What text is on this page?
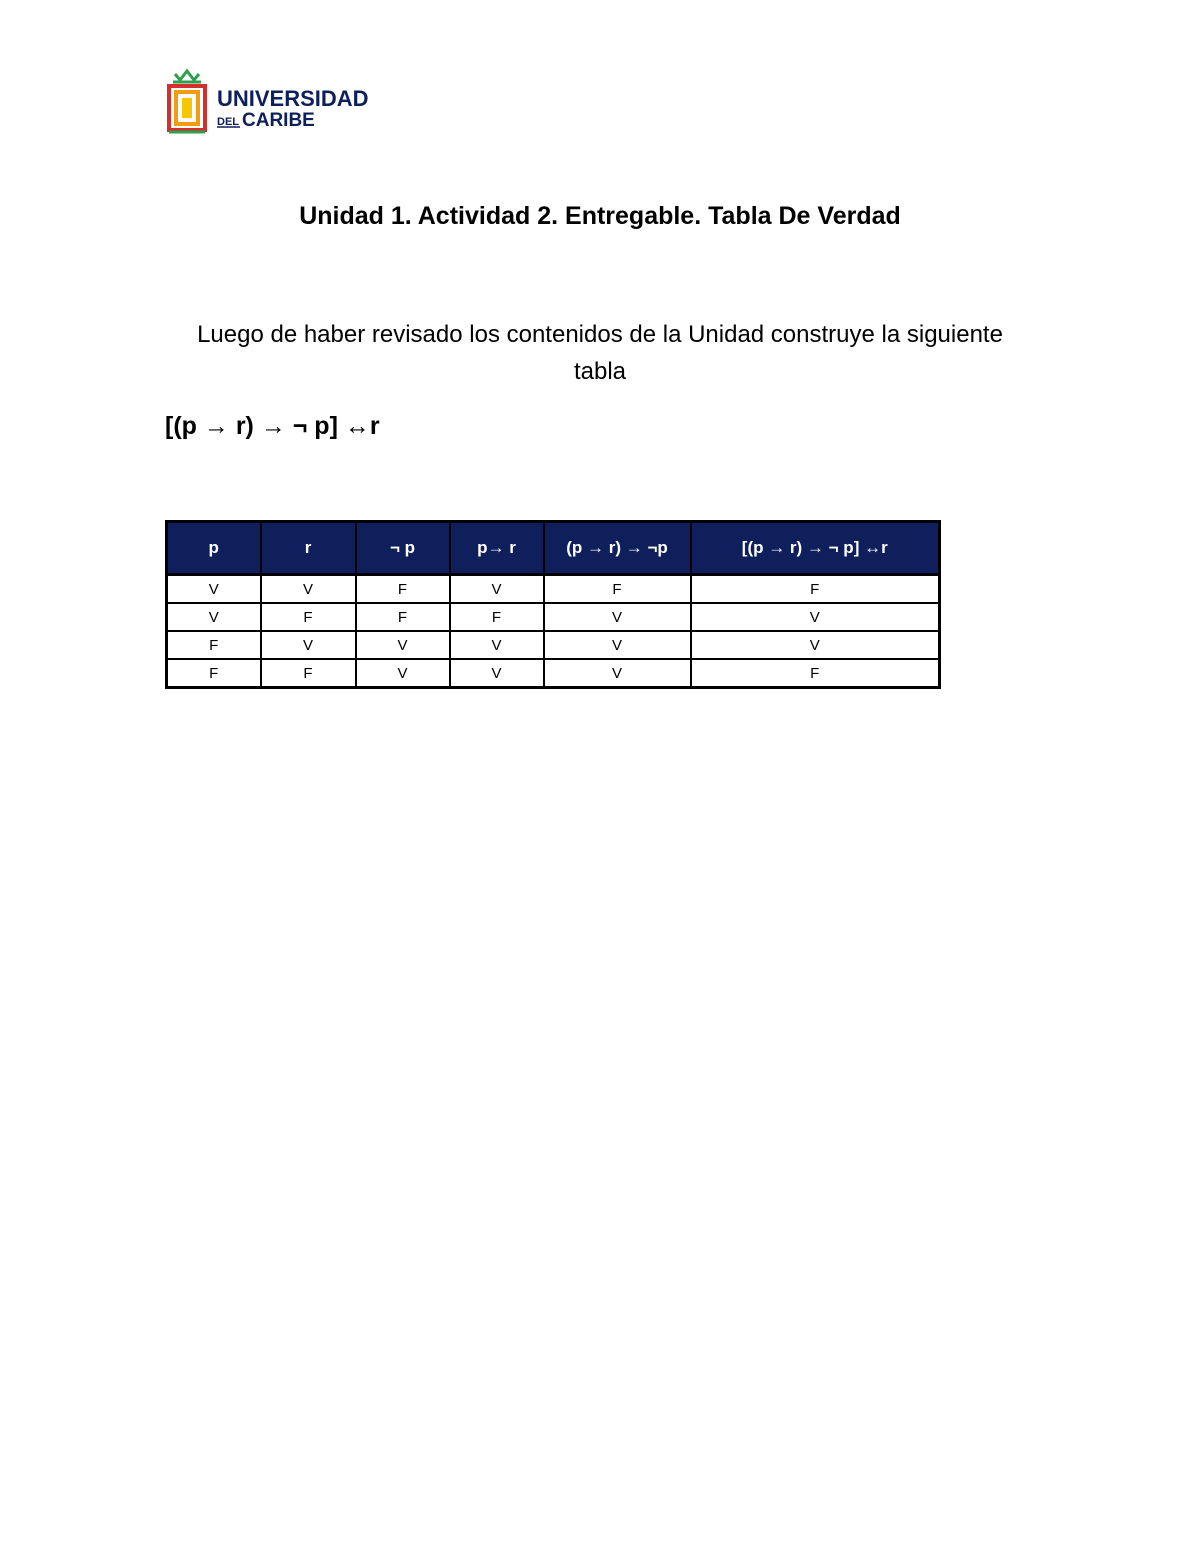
UNIVERSIDAD
DEL CARIBE
Unidad 1. Actividad 2. Entregable. Tabla De Verdad
Luego de haber revisado los contenidos de la Unidad construye la siguiente tabla
[(p → r) → ¬ p] ↔r
p	r	¬ p	p→ r	(p → r) → ¬p	[(p → r) → ¬ p] ↔r
V	V	F	V	F	F
V	F	F	F	V	V
F	V	V	V	V	V
F	F	V	V	V	F
